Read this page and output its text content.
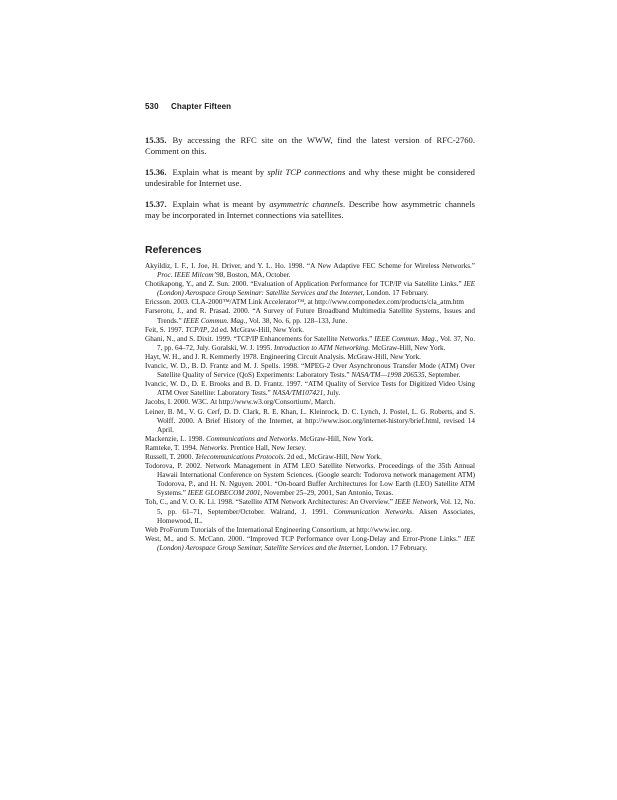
530 Chapter Fifteen

15.35. By accessing the RFC site on the WWW, find the latest version of RFC-2760. Comment on this.

15.36. Explain what is meant by split TCP connections and why these might be considered undesirable for Internet use.

15.37. Explain what is meant by asymmetric channels. Describe how asymmetric channels may be incorporated in Internet connections via satellites.

References
Akyildiz, I. F., I. Joe, H. Driver, and Y. L. Ho. 1998. “A New Adaptive FEC Scheme for Wireless Networks.” Proc. IEEE Milcom’98, Boston, MA, October.
Chotikapong, Y., and Z. Sun. 2000. “Evaluation of Application Performance for TCP/IP via Satellite Links.” IEE (London) Aerospace Group Seminar: Satellite Services and the Internet, London. 17 February.
Ericsson. 2003. CLA-2000™/ATM Link Accelerator™, at http://www.componedex.com/products/cla_atm.htm
Farserotu, J., and R. Prasad. 2000. “A Survey of Future Broadband Multimedia Satellite Systems, Issues and Trends.” IEEE Commun. Mag., Vol. 38, No. 6, pp. 128–133, June.
Feit, S. 1997. TCP/IP, 2d ed. McGraw-Hill, New York.
Ghani, N., and S. Dixit. 1999. “TCP/IP Enhancements for Satellite Networks.” IEEE Commun. Mag., Vol. 37, No. 7, pp. 64–72, July. Goralski, W. J. 1995. Introduction to ATM Networking. McGraw-Hill, New York.
Hayt, W. H., and J. R. Kemmerly 1978. Engineering Circuit Analysis. McGraw-Hill, New York.
Ivancic, W. D., B. D. Frantz and M. J. Spells. 1998. “MPEG-2 Over Asynchronous Transfer Mode (ATM) Over Satellite Quality of Service (QoS) Experiments: Laboratory Tests.” NASA/TM—1998 206535, September.
Ivancic, W. D., D. E. Brooks and B. D. Frantz. 1997. “ATM Quality of Service Tests for Digitized Video Using ATM Over Satellite: Laboratory Tests.” NASA/TM107421, July.
Jacobs, I. 2000. W3C. At http://www.w3.org/Consortium/, March.
Leiner, B. M., V. G. Cerf, D. D. Clark, R. E. Khan, L. Kleinrock, D. C. Lynch, J. Postel, L. G. Roberts, and S. Wolff. 2000. A Brief History of the Internet, at http://www.isoc.org/internet-history/brief.html, revised 14 April.
Mackenzie, L. 1998. Communications and Networks. McGraw-Hill, New York.
Ramteke, T. 1994. Networks. Prentice Hall, New Jersey.
Russell, T. 2000. Telecommunications Protocols. 2d ed., McGraw-Hill, New York.
Todorova, P. 2002. Network Management in ATM LEO Satellite Networks. Proceedings of the 35th Annual Hawaii International Conference on System Sciences. (Google search: Todorova network management ATM) Todorova, P., and H. N. Nguyen. 2001. “On-board Buffer Architectures for Low Earth (LEO) Satellite ATM Systems.” IEEE GLOBECOM 2001, November 25–29, 2001, San Antonio, Texas.
Toh, C., and V. O. K. Li. 1998. “Satellite ATM Network Architectures: An Overview.” IEEE Network, Vol. 12, No. 5, pp. 61–71, September/October. Walrand, J. 1991. Communication Networks. Aksen Associates, Homewood, IL.
Web ProForum Tutorials of the International Engineering Consortium, at http://www.iec.org.
West, M., and S. McCann. 2000. “Improved TCP Performance over Long-Delay and Error-Prone Links.” IEE (London) Aerospace Group Seminar, Satellite Services and the Internet, London. 17 February.
